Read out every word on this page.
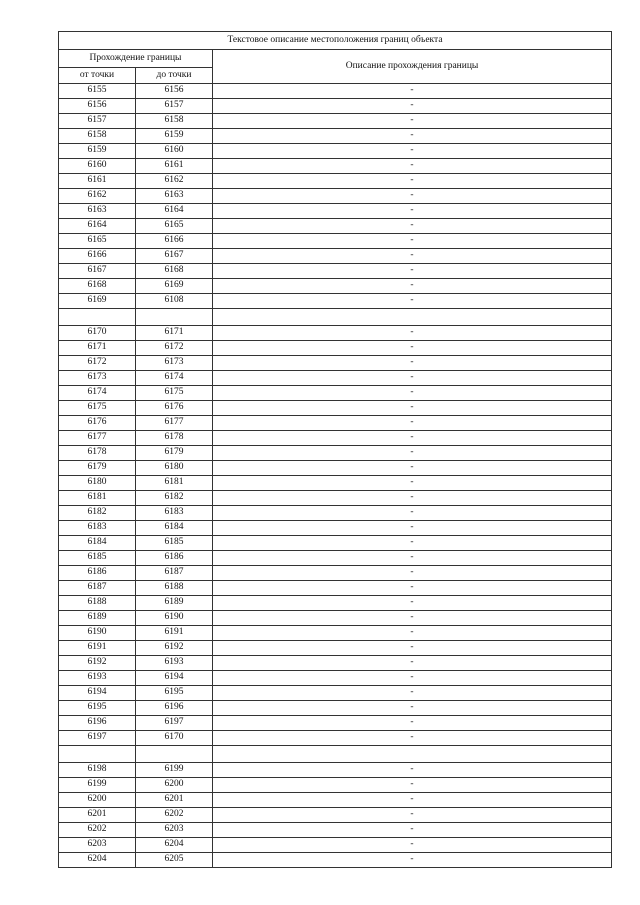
Текстовое описание местоположения границ объекта		
Прохождение границы		Описание прохождения границы
от точки	до точки	
6155	6156	-
6156	6157	-
6157	6158	-
6158	6159	-
6159	6160	-
6160	6161	-
6161	6162	-
6162	6163	-
6163	6164	-
6164	6165	-
6165	6166	-
6166	6167	-
6167	6168	-
6168	6169	-
6169	6108	-

6170	6171	-
6171	6172	-
6172	6173	-
6173	6174	-
6174	6175	-
6175	6176	-
6176	6177	-
6177	6178	-
6178	6179	-
6179	6180	-
6180	6181	-
6181	6182	-
6182	6183	-
6183	6184	-
6184	6185	-
6185	6186	-
6186	6187	-
6187	6188	-
6188	6189	-
6189	6190	-
6190	6191	-
6191	6192	-
6192	6193	-
6193	6194	-
6194	6195	-
6195	6196	-
6196	6197	-
6197	6170	-

6198	6199	-
6199	6200	-
6200	6201	-
6201	6202	-
6202	6203	-
6203	6204	-
6204	6205	-
